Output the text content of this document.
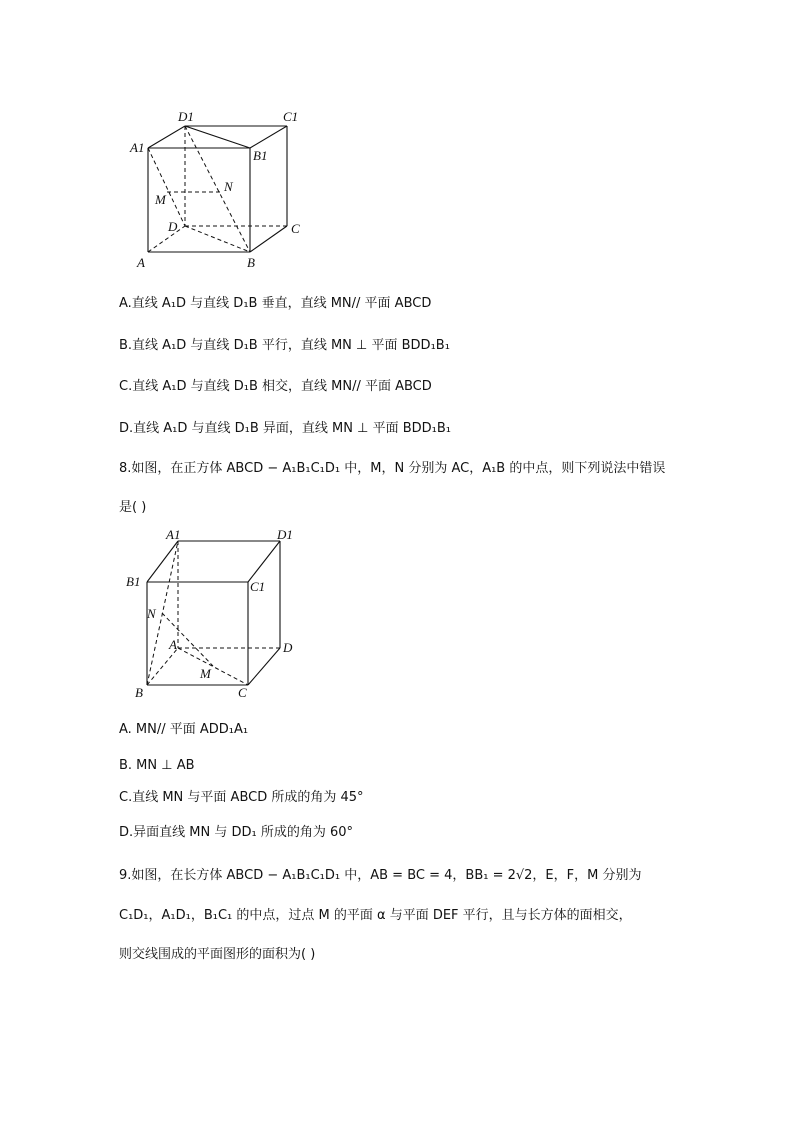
D1	C1
A1
B1
N
M
D	C
A	B
A.直线 A₁D 与直线 D₁B 垂直，直线 MN// 平面 ABCD
B.直线 A₁D 与直线 D₁B 平行，直线 MN ⊥ 平面 BDD₁B₁
C.直线 A₁D 与直线 D₁B 相交，直线 MN// 平面 ABCD
D.直线 A₁D 与直线 D₁B 异面，直线 MN ⊥ 平面 BDD₁B₁
8.如图，在正方体 ABCD − A₁B₁C₁D₁ 中，M，N 分别为 AC，A₁B 的中点，则下列说法中错误
是( )
A1	D1
B1	C1
N
A	D
M
B	C
A. MN// 平面 ADD₁A₁
B. MN ⊥ AB
C.直线 MN 与平面 ABCD 所成的角为 45°
D.异面直线 MN 与 DD₁ 所成的角为 60°
9.如图，在长方体 ABCD − A₁B₁C₁D₁ 中，AB = BC = 4，BB₁ = 2√2，E，F，M 分别为
C₁D₁，A₁D₁，B₁C₁ 的中点，过点 M 的平面 α 与平面 DEF 平行，且与长方体的面相交，
则交线围成的平面图形的面积为( )
